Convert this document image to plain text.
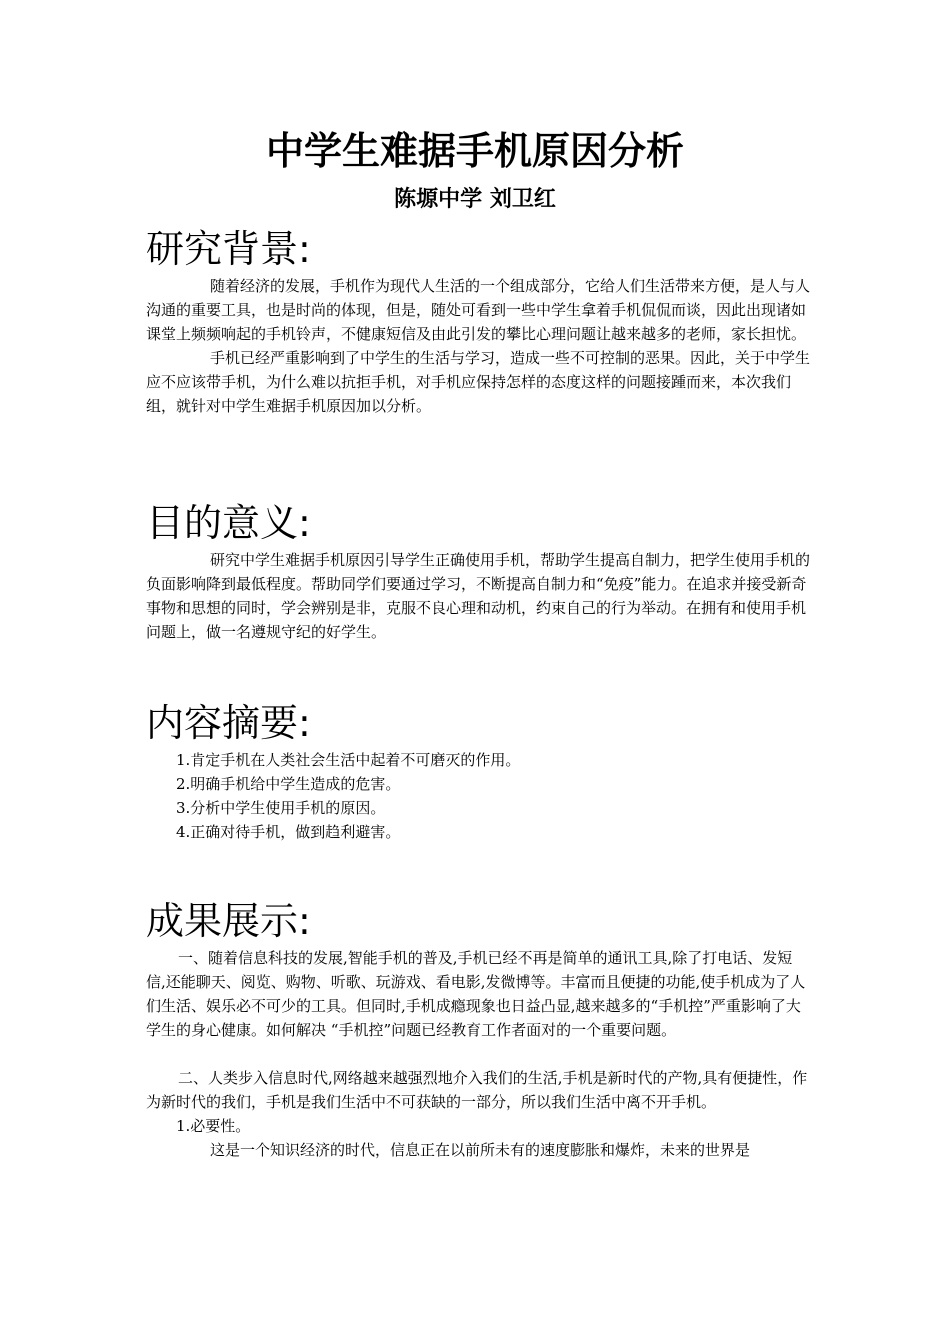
中学生难据手机原因分析
陈塬中学 刘卫红
研究背景:

随着经济的发展，手机作为现代人生活的一个组成部分，它给人们生活带来方便，是人与人沟通的重要工具，也是时尚的体现，但是，随处可看到一些中学生拿着手机侃侃而谈，因此出现诸如课堂上频频响起的手机铃声，不健康短信及由此引发的攀比心理问题让越来越多的老师，家长担忧。

手机已经严重影响到了中学生的生活与学习，造成一些不可控制的恶果。因此，关于中学生应不应该带手机，为什么难以抗拒手机，对手机应保持怎样的态度这样的问题接踵而来，本次我们组，就针对中学生难据手机原因加以分析。

目的意义:

研究中学生难据手机原因引导学生正确使用手机，帮助学生提高自制力，把学生使用手机的负面影响降到最低程度。帮助同学们要通过学习，不断提高自制力和“免疫”能力。在追求并接受新奇事物和思想的同时，学会辨别是非，克服不良心理和动机，约束自己的行为举动。在拥有和使用手机问题上，做一名遵规守纪的好学生。

内容摘要:

1.肯定手机在人类社会生活中起着不可磨灭的作用。

2.明确手机给中学生造成的危害。

3.分析中学生使用手机的原因。

4.正确对待手机，做到趋利避害。

成果展示:

一、随着信息科技的发展,智能手机的普及,手机已经不再是简单的通讯工具,除了打电话、发短信,还能聊天、阅览、购物、听歌、玩游戏、看电影,发微博等。丰富而且便捷的功能,使手机成为了人们生活、娱乐必不可少的工具。但同时,手机成瘾现象也日益凸显,越来越多的“手机控”严重影响了大学生的身心健康。如何解决 “手机控”问题已经教育工作者面对的一个重要问题。

二、人类步入信息时代,网络越来越强烈地介入我们的生活,手机是新时代的产物,具有便捷性，作为新时代的我们，手机是我们生活中不可获缺的一部分，所以我们生活中离不开手机。

1.必要性。

这是一个知识经济的时代，信息正在以前所未有的速度膨胀和爆炸，未来的世界是
